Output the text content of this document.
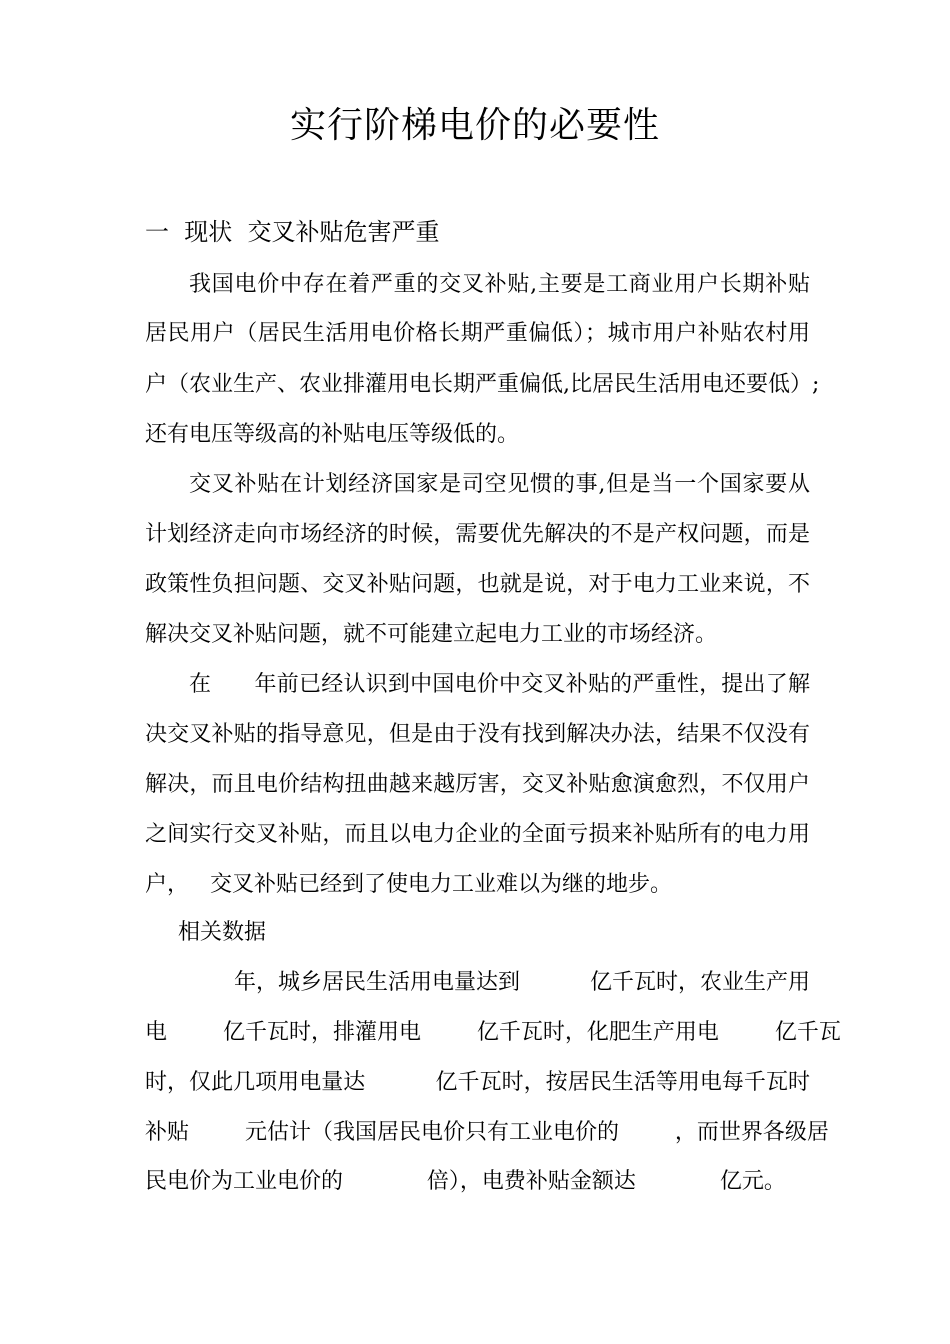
实行阶梯电价的必要性
一  现状  交叉补贴危害严重
我国电价中存在着严重的交叉补贴,主要是工商业用户长期补贴
居民用户（居民生活用电价格长期严重偏低）；城市用户补贴农村用
户（农业生产、农业排灌用电长期严重偏低,比居民生活用电还要低）;
还有电压等级高的补贴电压等级低的。
交叉补贴在计划经济国家是司空见惯的事,但是当一个国家要从
计划经济走向市场经济的时候，需要优先解决的不是产权问题，而是
政策性负担问题、交叉补贴问题，也就是说，对于电力工业来说，不
解决交叉补贴问题，就不可能建立起电力工业的市场经济。
在      年前已经认识到中国电价中交叉补贴的严重性，提出了解
决交叉补贴的指导意见，但是由于没有找到解决办法，结果不仅没有
解决，而且电价结构扭曲越来越厉害，交叉补贴愈演愈烈，不仅用户
之间实行交叉补贴，而且以电力企业的全面亏损来补贴所有的电力用
户，   交叉补贴已经到了使电力工业难以为继的地步。
相关数据
年，城乡居民生活用电量达到          亿千瓦时，农业生产用
电        亿千瓦时，排灌用电        亿千瓦时，化肥生产用电        亿千瓦
时，仅此几项用电量达          亿千瓦时，按居民生活等用电每千瓦时
补贴        元估计（我国居民电价只有工业电价的        ，而世界各级居
民电价为工业电价的            倍），电费补贴金额达            亿元。
